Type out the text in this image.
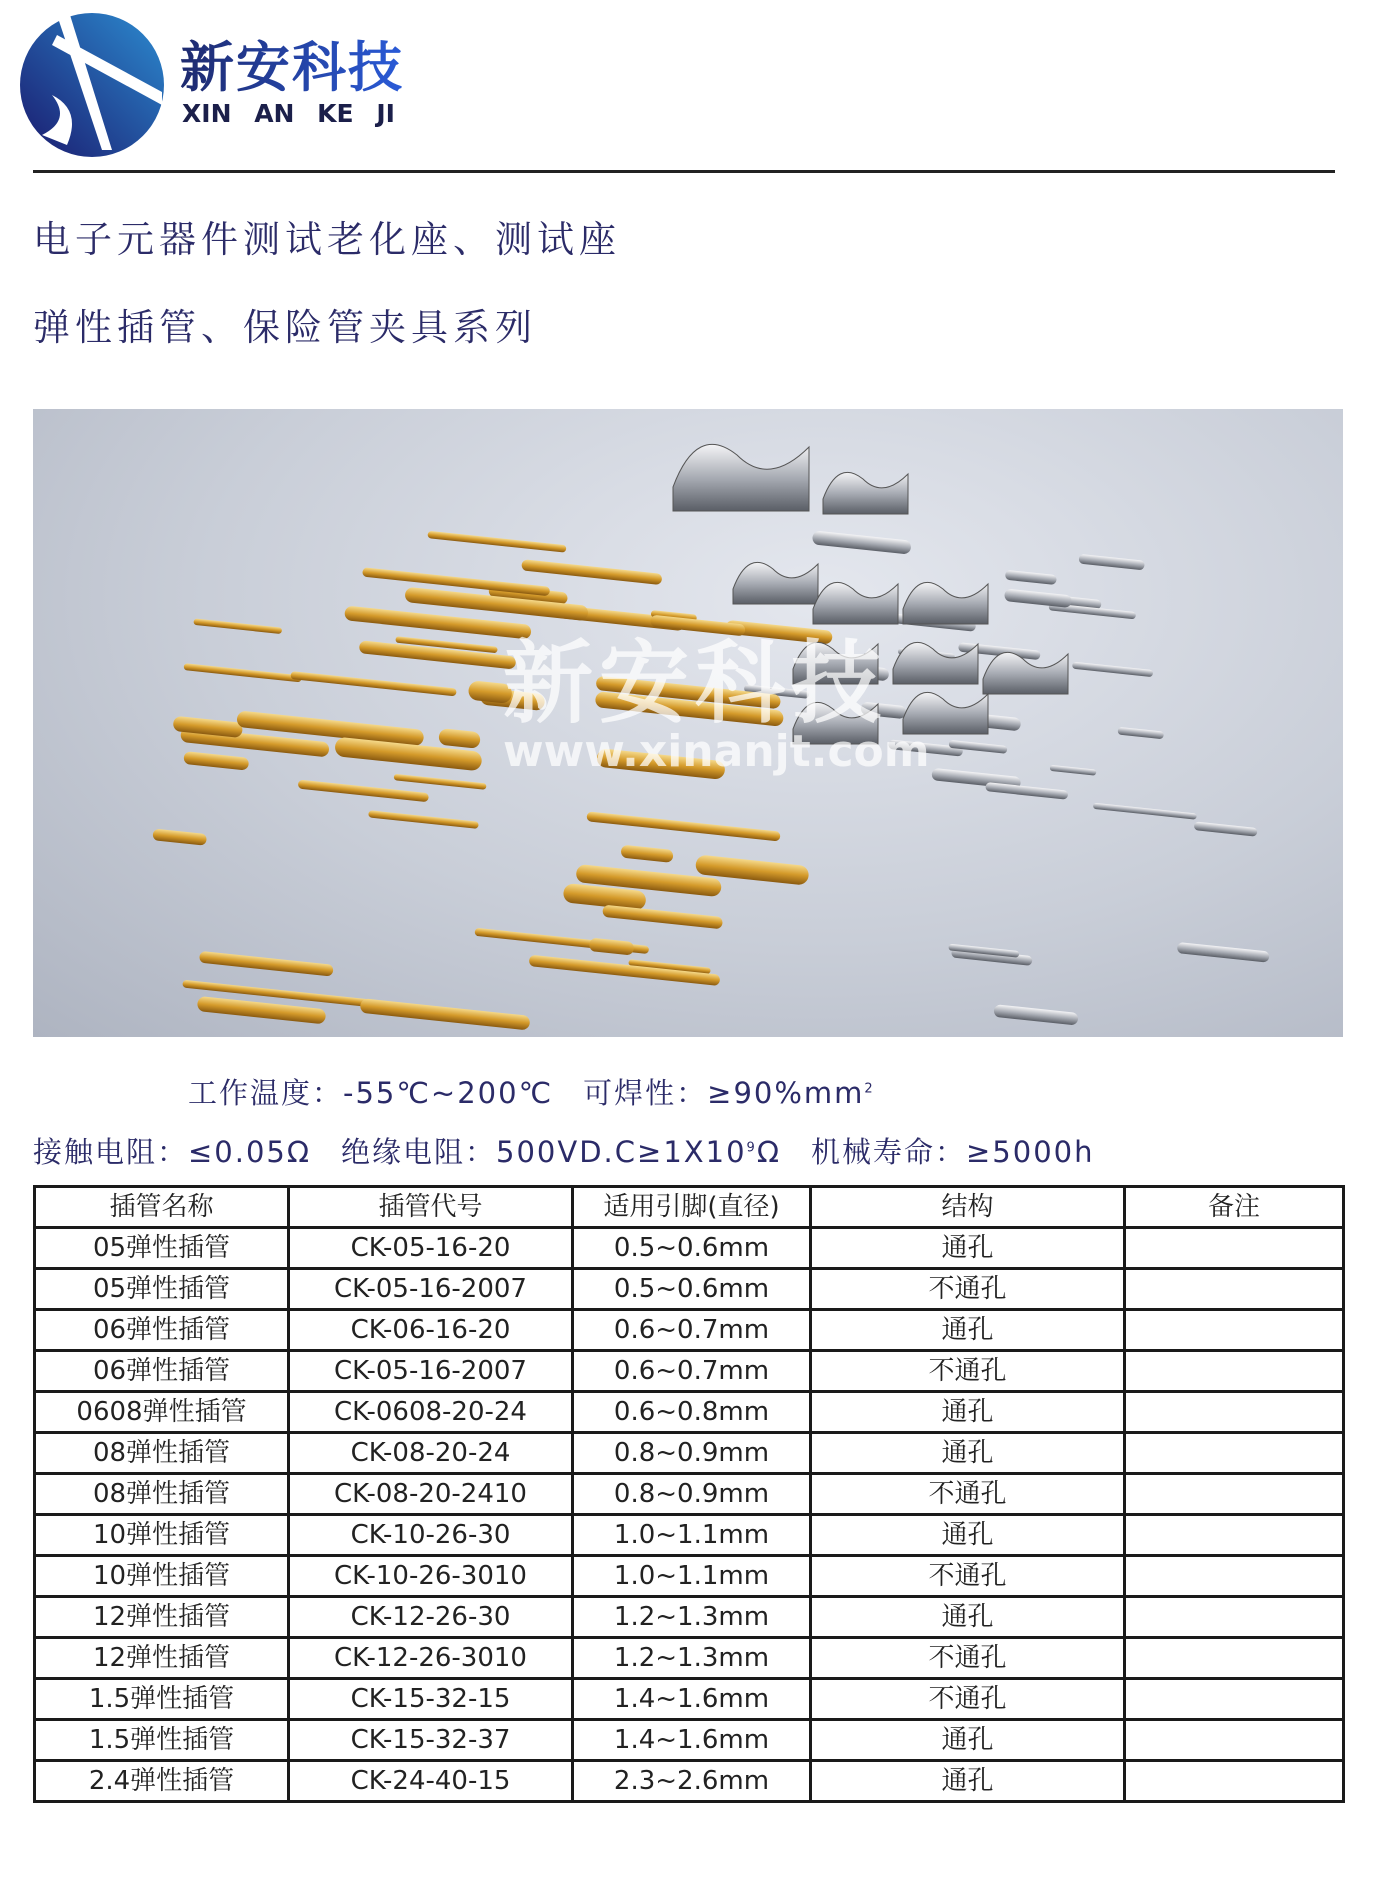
新安科技
XIN AN KE JI
电子元器件测试老化座、测试座
弹性插管、保险管夹具系列
新安科技
www.xinanjt.com
工作温度：-55℃~200℃ 可焊性：$\ge 90\%mm^2$
接触电阻：≤0.05Ω 绝缘电阻：$500VD.C\ge 1X10^9\Omega$ 机械寿命：≥5000h
插管名称	插管代号	适用引脚(直径)	结构	备注
05弹性插管	CK-05-16-20	0.5~0.6mm	通孔	
05弹性插管	CK-05-16-2007	0.5~0.6mm	不通孔	
06弹性插管	CK-06-16-20	0.6~0.7mm	通孔	
06弹性插管	CK-05-16-2007	0.6~0.7mm	不通孔	
0608弹性插管	CK-0608-20-24	0.6~0.8mm	通孔	
08弹性插管	CK-08-20-24	0.8~0.9mm	通孔	
08弹性插管	CK-08-20-2410	0.8~0.9mm	不通孔	
10弹性插管	CK-10-26-30	1.0~1.1mm	通孔	
10弹性插管	CK-10-26-3010	1.0~1.1mm	不通孔	
12弹性插管	CK-12-26-30	1.2~1.3mm	通孔	
12弹性插管	CK-12-26-3010	1.2~1.3mm	不通孔	
1.5弹性插管	CK-15-32-15	1.4~1.6mm	不通孔	
1.5弹性插管	CK-15-32-37	1.4~1.6mm	通孔	
2.4弹性插管	CK-24-40-15	2.3~2.6mm	通孔	
